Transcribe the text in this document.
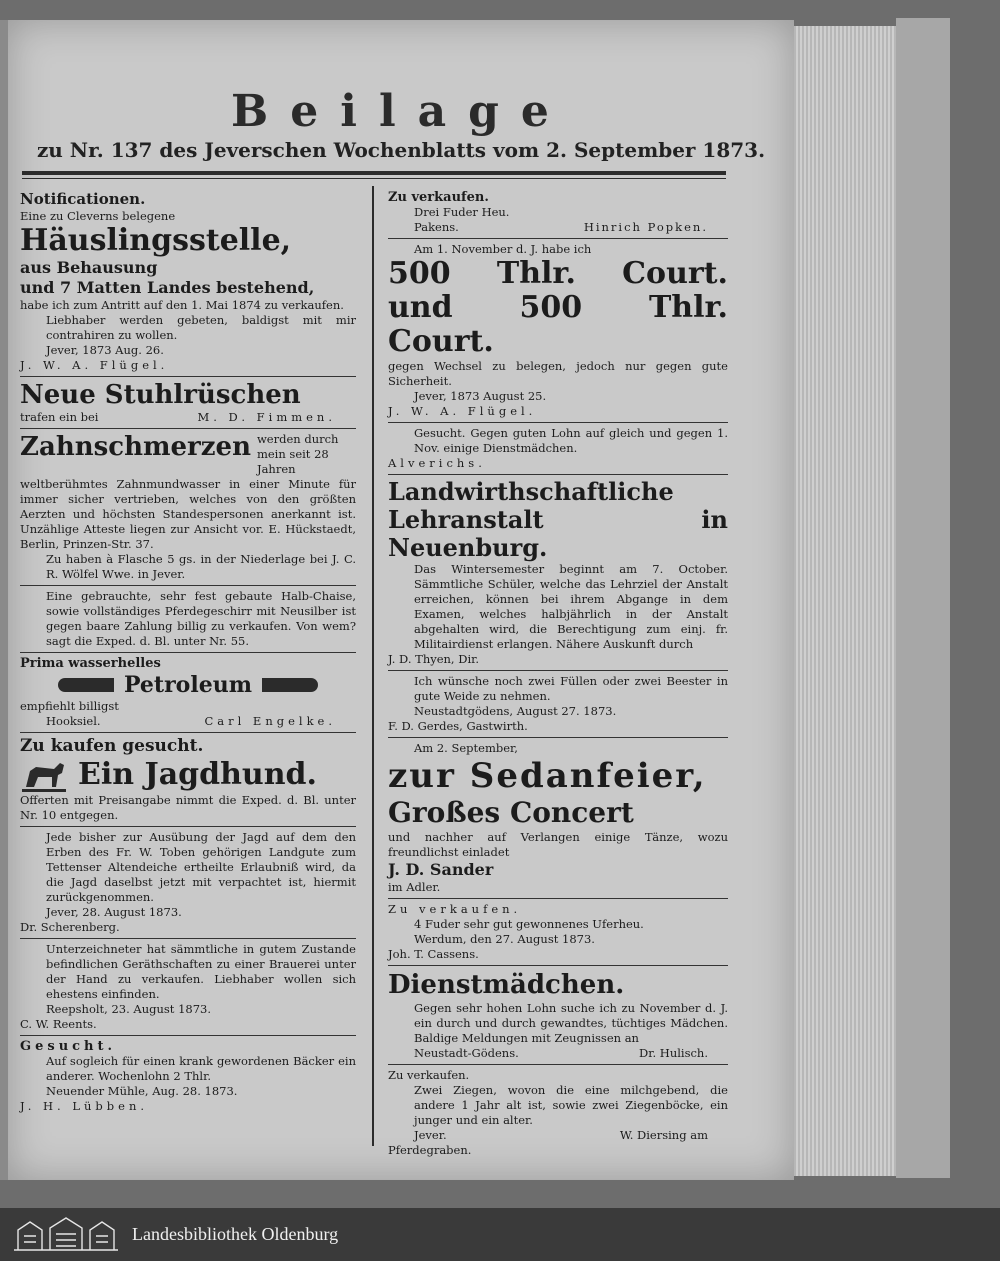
Beilage
zu Nr. 137 des Jeverschen Wochenblatts vom 2. September 1873.

Notificationen.

Eine zu Cleverns belegene

Häuslingsstelle,

aus Behausung

und 7 Matten Landes bestehend,

habe ich zum Antritt auf den 1. Mai 1874 zu verkaufen.

Liebhaber werden gebeten, baldigst mit mir contrahiren zu wollen.

Jever, 1873 Aug. 26.

J. W. A. Flügel.

Neue Stuhlrüschen

trafen ein bei	M. D. Fimmen.
Zahnschmerzen werden durch mein seit 28 Jahren

weltberühmtes Zahnmundwasser in einer Minute für immer sicher vertrieben, welches von den größten Aerzten und höchsten Standespersonen anerkannt ist. Unzählige Atteste liegen zur Ansicht vor. E. Hückstaedt, Berlin, Prinzen-Str. 37.

Zu haben à Flasche 5 gs. in der Niederlage bei J. C. R. Wölfel Wwe. in Jever.

Eine gebrauchte, sehr fest gebaute Halb-Chaise, sowie vollständiges Pferdegeschirr mit Neusilber ist gegen baare Zahlung billig zu verkaufen. Von wem? sagt die Exped. d. Bl. unter Nr. 55.

Prima wasserhelles

Petroleum

empfiehlt billigst

Hooksiel.	Carl Engelke.

Zu kaufen gesucht.

Ein Jagdhund.

Offerten mit Preisangabe nimmt die Exped. d. Bl. unter Nr. 10 entgegen.

Jede bisher zur Ausübung der Jagd auf dem den Erben des Fr. W. Toben gehörigen Landgute zum Tettenser Altendeiche ertheilte Erlaubniß wird, da die Jagd daselbst jetzt mit verpachtet ist, hiermit zurückgenommen.

Jever, 28. August 1873.

Dr. Scherenberg.

Unterzeichneter hat sämmtliche in gutem Zustande befindlichen Geräthschaften zu einer Brauerei unter der Hand zu verkaufen. Liebhaber wollen sich ehestens einfinden.

Reepsholt, 23. August 1873.

C. W. Reents.

Gesucht.

Auf sogleich für einen krank gewordenen Bäcker ein anderer. Wochenlohn 2 Thlr.

Neuender Mühle, Aug. 28. 1873.

J. H. Lübben.

Zu verkaufen.

Drei Fuder Heu.

Pakens.	Hinrich Popken.

Am 1. November d. J. habe ich

500 Thlr. Court. und 500 Thlr. Court.

gegen Wechsel zu belegen, jedoch nur gegen gute Sicherheit.

Jever, 1873 August 25.

J. W. A. Flügel.

Gesucht. Gegen guten Lohn auf gleich und gegen 1. Nov. einige Dienstmädchen.

Alverichs.

Landwirthschaftliche Lehranstalt in Neuenburg.

Das Wintersemester beginnt am 7. October. Sämmtliche Schüler, welche das Lehrziel der Anstalt erreichen, können bei ihrem Abgange in dem Examen, welches halbjährlich in der Anstalt abgehalten wird, die Berechtigung zum einj. fr. Militairdienst erlangen. Nähere Auskunft durch

J. D. Thyen, Dir.

Ich wünsche noch zwei Füllen oder zwei Beester in gute Weide zu nehmen.

Neustadtgödens, August 27. 1873.

F. D. Gerdes, Gastwirth.

Am 2. September,

zur Sedanfeier,

Großes Concert

und nachher auf Verlangen einige Tänze, wozu freundlichst einladet

J. D. Sander

im Adler.

Zu verkaufen.

4 Fuder sehr gut gewonnenes Uferheu.

Werdum, den 27. August 1873.

Joh. T. Cassens.

Dienstmädchen.

Gegen sehr hohen Lohn suche ich zu November d. J. ein durch und durch gewandtes, tüchtiges Mädchen. Baldige Meldungen mit Zeugnissen an

Neustadt-Gödens.	Dr. Hulisch.

Zu verkaufen.

Zwei Ziegen, wovon die eine milchgebend, die andere 1 Jahr alt ist, sowie zwei Ziegenböcke, ein junger und ein alter.

Jever.	W. Diersing am

Pferdegraben.

Landesbibliothek Oldenburg
